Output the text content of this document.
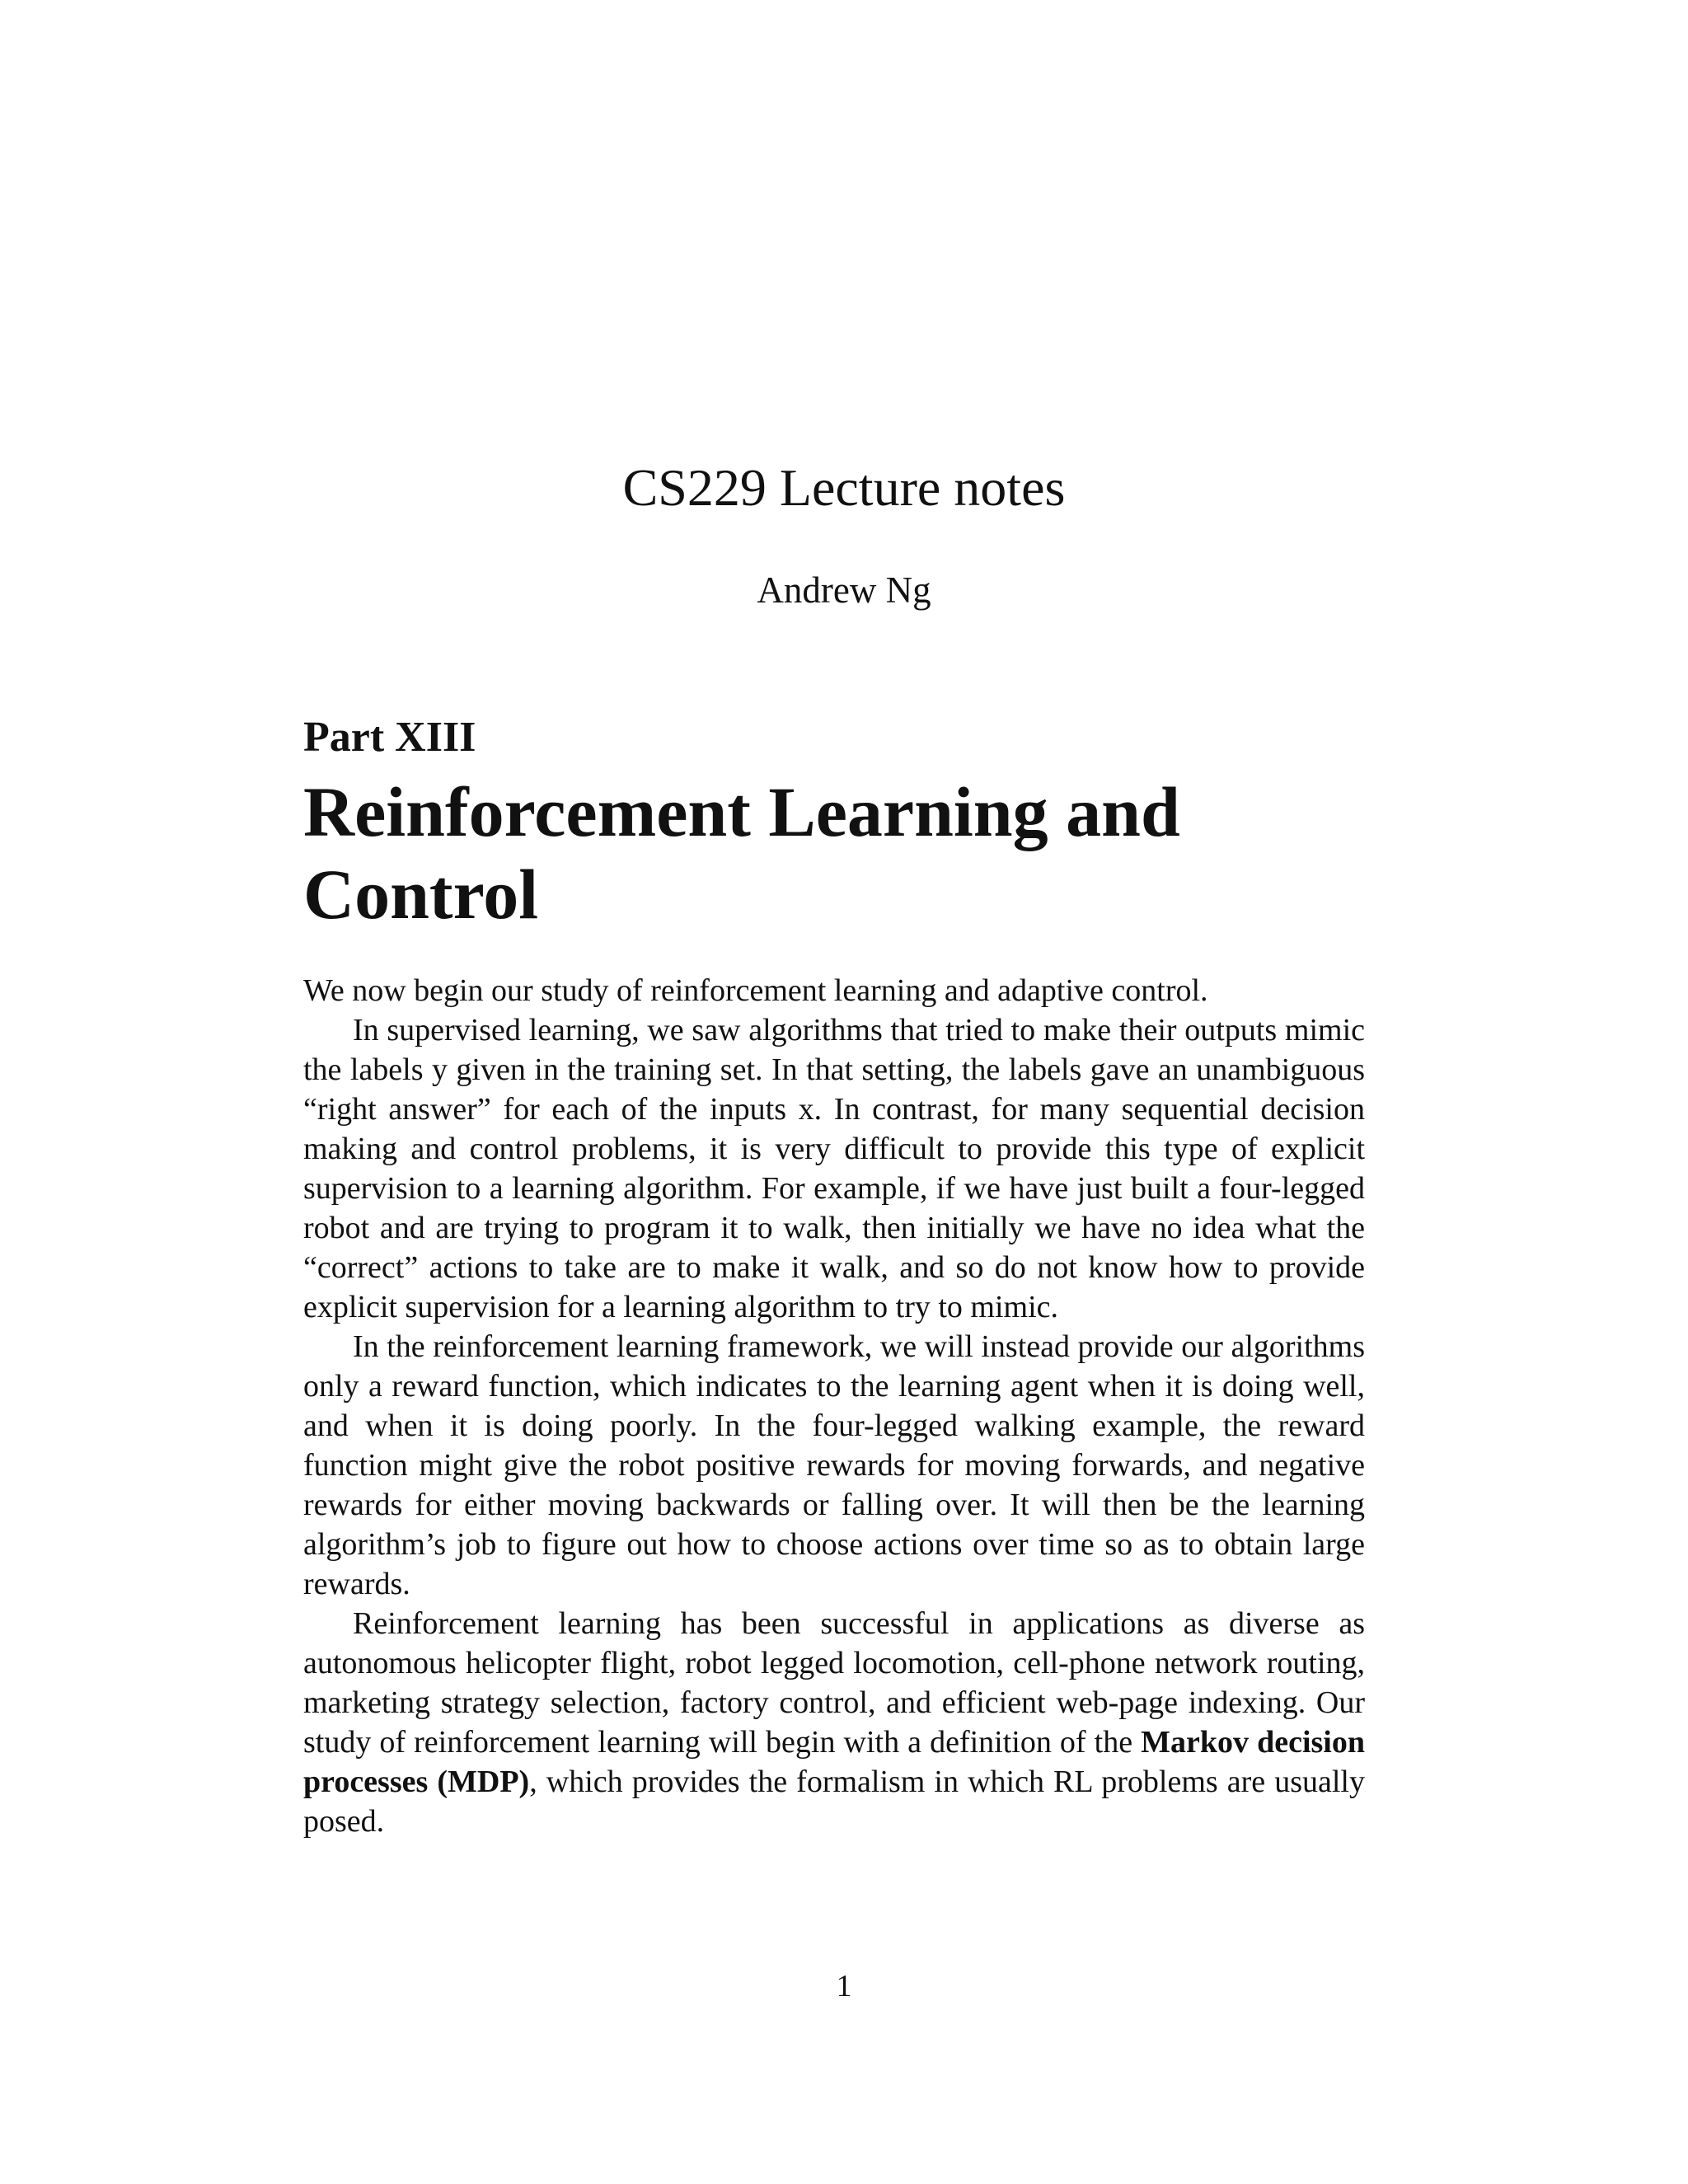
CS229 Lecture notes
Andrew Ng
Part XIII
Reinforcement Learning and Control

We now begin our study of reinforcement learning and adaptive control.

In supervised learning, we saw algorithms that tried to make their outputs mimic the labels y given in the training set. In that setting, the labels gave an unambiguous “right answer” for each of the inputs x. In contrast, for many sequential decision making and control problems, it is very difficult to provide this type of explicit supervision to a learning algorithm. For example, if we have just built a four-legged robot and are trying to program it to walk, then initially we have no idea what the “correct” actions to take are to make it walk, and so do not know how to provide explicit supervision for a learning algorithm to try to mimic.

In the reinforcement learning framework, we will instead provide our algorithms only a reward function, which indicates to the learning agent when it is doing well, and when it is doing poorly. In the four-legged walking example, the reward function might give the robot positive rewards for moving forwards, and negative rewards for either moving backwards or falling over. It will then be the learning algorithm’s job to figure out how to choose actions over time so as to obtain large rewards.

Reinforcement learning has been successful in applications as diverse as autonomous helicopter flight, robot legged locomotion, cell-phone network routing, marketing strategy selection, factory control, and efficient web-page indexing. Our study of reinforcement learning will begin with a definition of the Markov decision processes (MDP), which provides the formalism in which RL problems are usually posed.

1
